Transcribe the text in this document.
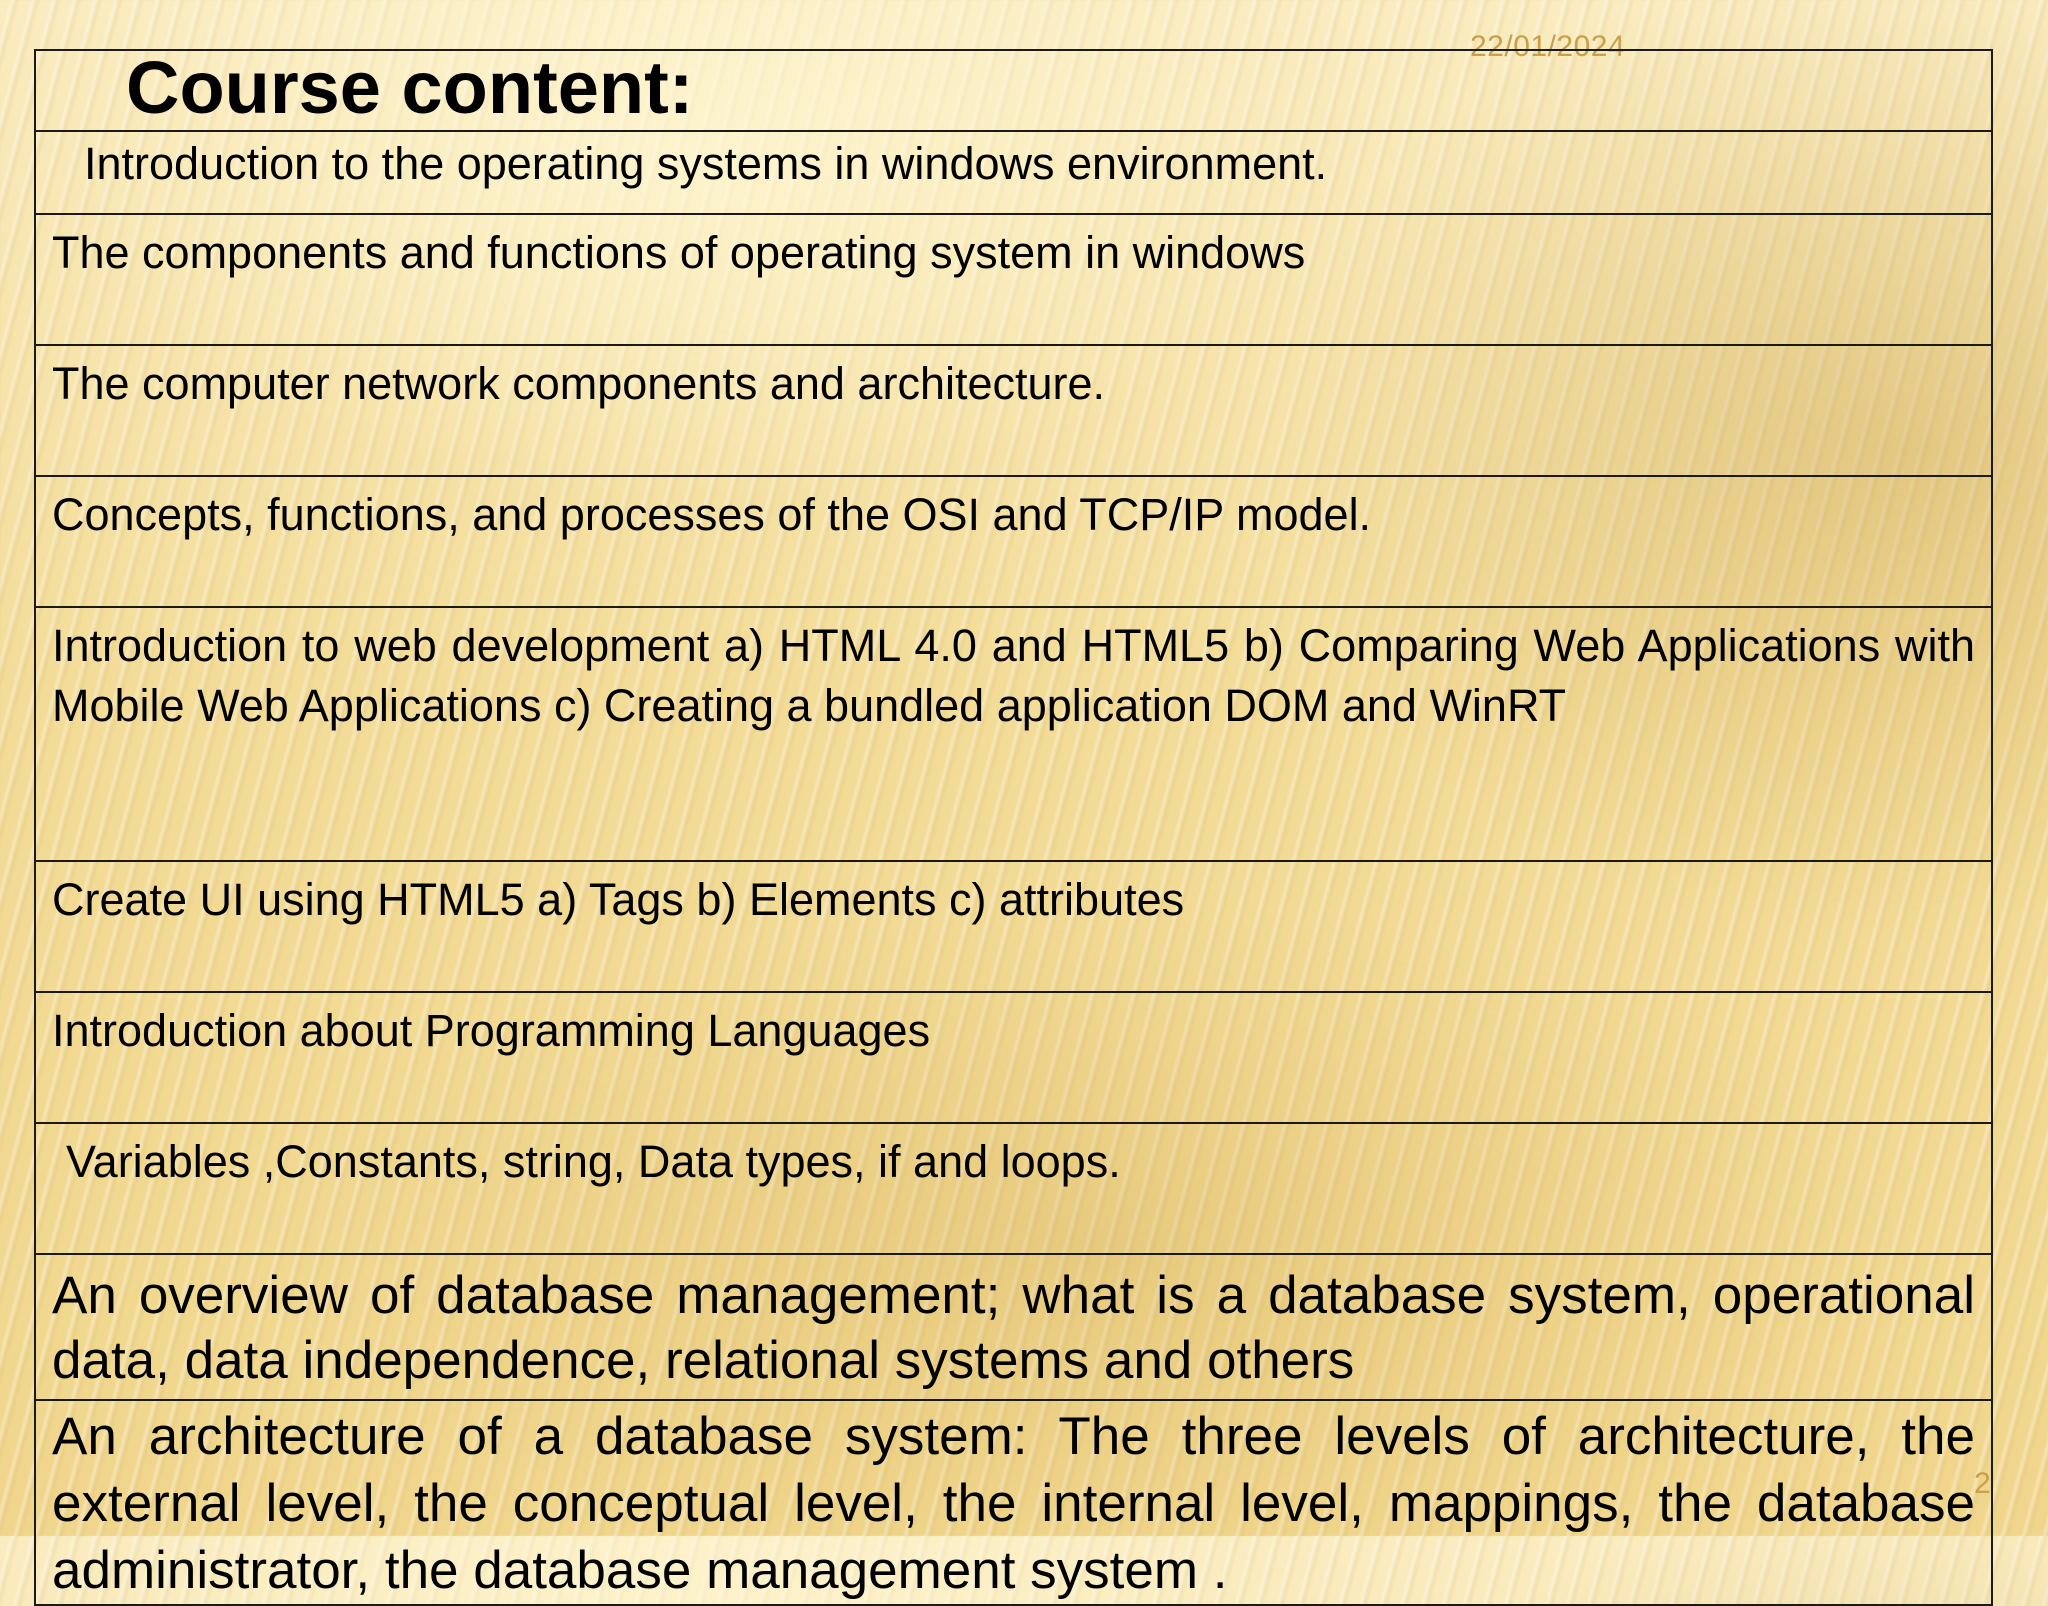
22/01/2024
Course content:

Introduction to the operating systems in windows environment.
The components and functions of operating system in windows
The computer network components and architecture.
Concepts, functions, and processes of the OSI and TCP/IP model.
Introduction to web development a) HTML 4.0 and HTML5 b) Comparing Web Applications with Mobile Web Applications c) Creating a bundled application DOM and WinRT
Create UI using HTML5 a) Tags b) Elements c) attributes
Introduction about Programming Languages
Variables ,Constants, string, Data types, if and loops.
An overview of database management; what is a database system, operational data, data independence, relational systems and others
An architecture of a database system: The three levels of architecture, the external level, the conceptual level, the internal level, mappings, the database administrator, the database management system .
2
